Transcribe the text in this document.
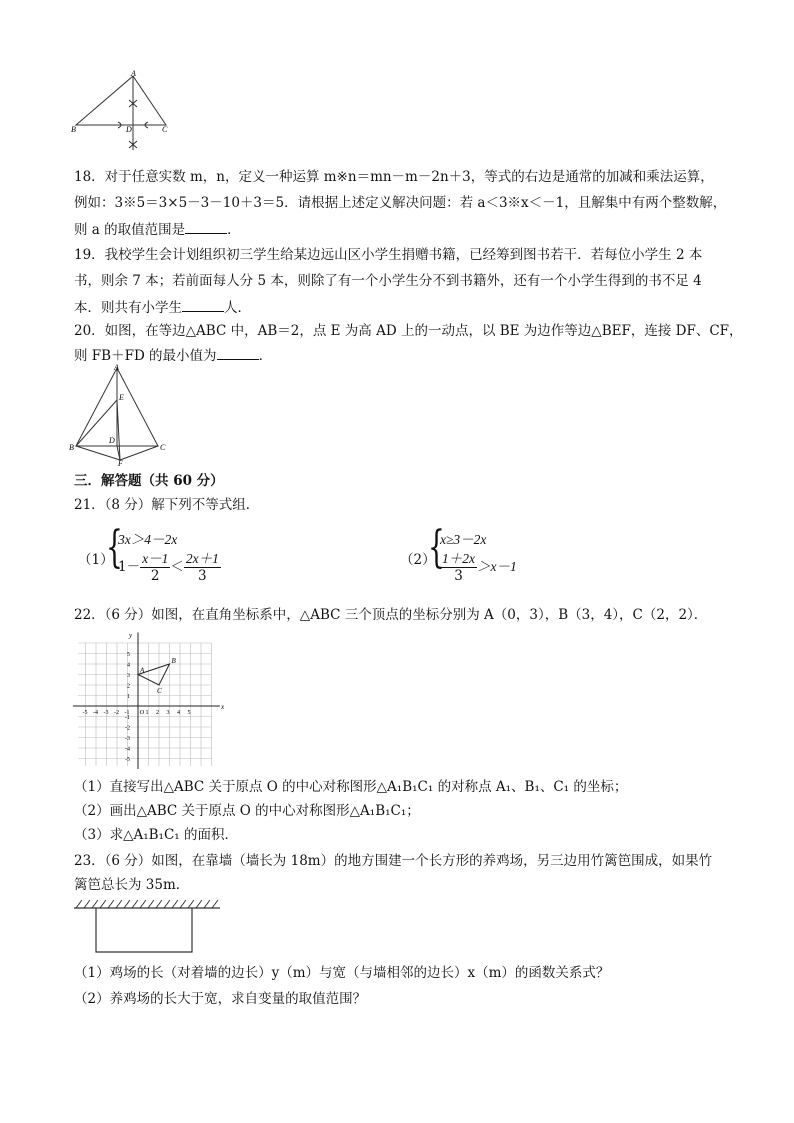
A
B	D	C
18．对于任意实数 m，n，定义一种运算 m※n＝mn－m－2n＋3，等式的右边是通常的加减和乘法运算，
例如：3※5＝3×5－3－10＋3＝5．请根据上述定义解决问题：若 a＜3※x＜－1，且解集中有两个整数解，
则 a 的取值范围是	．
19．我校学生会计划组织初三学生给某边远山区小学生捐赠书籍，已经筹到图书若干．若每位小学生 2 本
书，则余 7 本；若前面每人分 5 本，则除了有一个小学生分不到书籍外，还有一个小学生得到的书不足 4
本．则共有小学生	人．
20．如图，在等边△ABC 中，AB＝2，点 E 为高 AD 上的一动点，以 BE 为边作等边△BEF，连接 DF、CF，
则 FB＋FD 的最小值为	．
A
E
B
D
C
F
三．解答题（共 60 分）
21．（8 分）解下列不等式组．
（1）
{
3x＞4－2x
$1- \frac{x-1}{2} < \frac{2x+1}{3}$	（2）
{
x≥3－2x
$\frac{1+2x}{3} >x-1$
22．（6 分）如图，在直角坐标系中，△ABC 三个顶点的坐标分别为 A（0，3），B（3，4），C（2，2）．
x
y
O
-5 -4 -3 -2 -1	1 2 3 4 5
5
4
3
2
1
-1
-2
-3
-4
-5
A
B
C
（1）直接写出△ABC 关于原点 O 的中心对称图形△A₁B₁C₁ 的对称点 A₁、B₁、C₁ 的坐标；
（2）画出△ABC 关于原点 O 的中心对称图形△A₁B₁C₁；
（3）求△A₁B₁C₁ 的面积．
23．（6 分）如图，在靠墙（墙长为 18m）的地方围建一个长方形的养鸡场，另三边用竹篱笆围成，如果竹
篱笆总长为 35m．
（1）鸡场的长（对着墙的边长）y（m）与宽（与墙相邻的边长）x（m）的函数关系式？
（2）养鸡场的长大于宽，求自变量的取值范围？
